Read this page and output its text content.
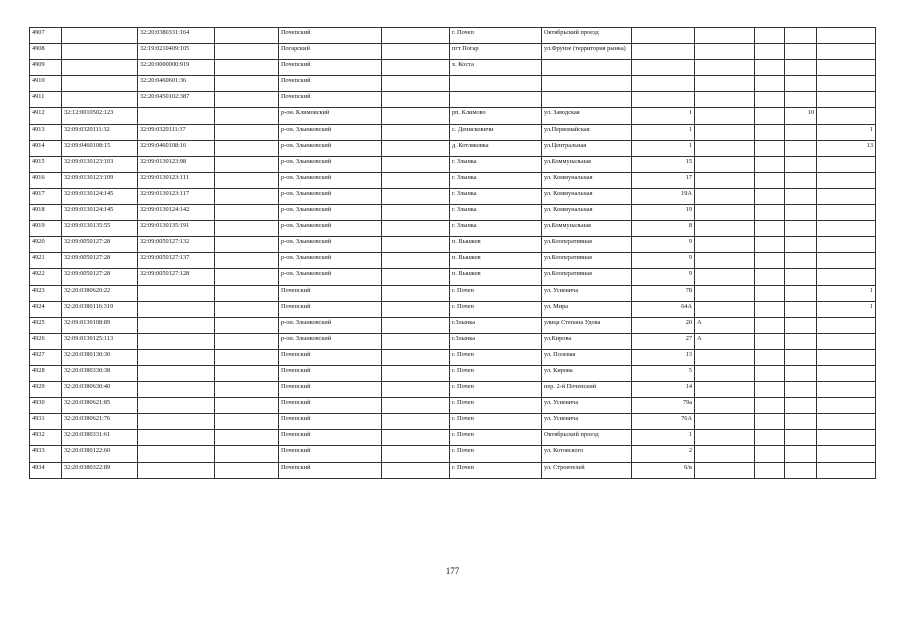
4907		32:20:0380331:164		Почепский		г. Почеп	Октябрьский проезд					
4908		32:19:0210409:105		Погарский		пгт Погар	ул.Фрунзе (территория рынка)					
4909		32:20:0000000:919		Почепский		х. Коста						
4910		32:20:0460601:36		Почепский								
4911		32:20:0450102:387		Почепский								
4912	32:12:0010502:123			р-он. Климовский		рп. Климово	ул. Заводская	1			10	
4913	32:09:0320111:32	32:09:0320111:37		р-он. Злынковский		с. Денисковичи	ул.Первомайская	1				1
4914	32:09:0460108:15	32:09:0460108:16		р-он. Злынковский		д. Котляковка	ул.Центральная	1				13
4915	32:09:0130123:103	32:09:0130123:98		р-он. Злынковский		г. Злынка	ул.Коммунальная	15				
4916	32:09:0130123:109	32:09:0130123:111		р-он. Злынковский		г. Злынка	ул. Коммунальная	17				
4917	32:09:0130124:145	32:09:0130123:117		р-он. Злынковский		г. Злынка	ул. Коммунальная	19А				
4918	32:09:0130124:145	32:09:0130124:142		р-он. Злынковский		г. Злынка	ул. Коммунальная	19				
4919	32:09:0130135:55	32:09:0130135:191		р-он. Злынковский		г. Злынка	ул.Коммунальная	8				
4920	32:09:0050127:28	32:09:0050127:132		р-он. Злынковский		п. Вышков	ул.Кооперативная	9				
4921	32:09:0050127:28	32:09:0050127:137		р-он. Злынковский		п. Вышков	ул.Кооперативная	9				
4922	32:09:0050127:28	32:09:0050127:128		р-он. Злынковский		п. Вышков	ул.Кооперативная	9				
4923	32:20:0380620:22			Почепский		г. Почеп	ул. Усиевича	78				1
4924	32:20:0380116:319			Почепский		г. Почеп	ул. Мира	64А				1
4925	32:09:0130108:89			р-он. Злынковский		г.Злынка	улица Степана Удова	20	А			
4926	32:09:0130125:113			р-он. Злынковский		г.Злынка	ул.Кирова	27	А			
4927	32:20:0380130:30			Почепский		г. Почеп	ул. Полевая	13				
4928	32:20:0380330:38			Почепский		г. Почеп	ул. Кирова	5				
4929	32:20:0380630:40			Почепский		г. Почеп	пер. 2-й Почепский	14				
4930	32:20:0380621:85			Почепский		г. Почеп	ул. Усиевича	79а				
4931	32:20:0380621:76			Почепский		г. Почеп	ул. Усиевича	76А				
4932	32:20:0380331:61			Почепский		г. Почеп	Октябрьский проезд	1				
4933	32:20:0380122:60			Почепский		г. Почеп	ул. Котовского	2				
4934	32:20:0380322:89			Почепский		г. Почеп	ул. Строителей	6/в				
177
